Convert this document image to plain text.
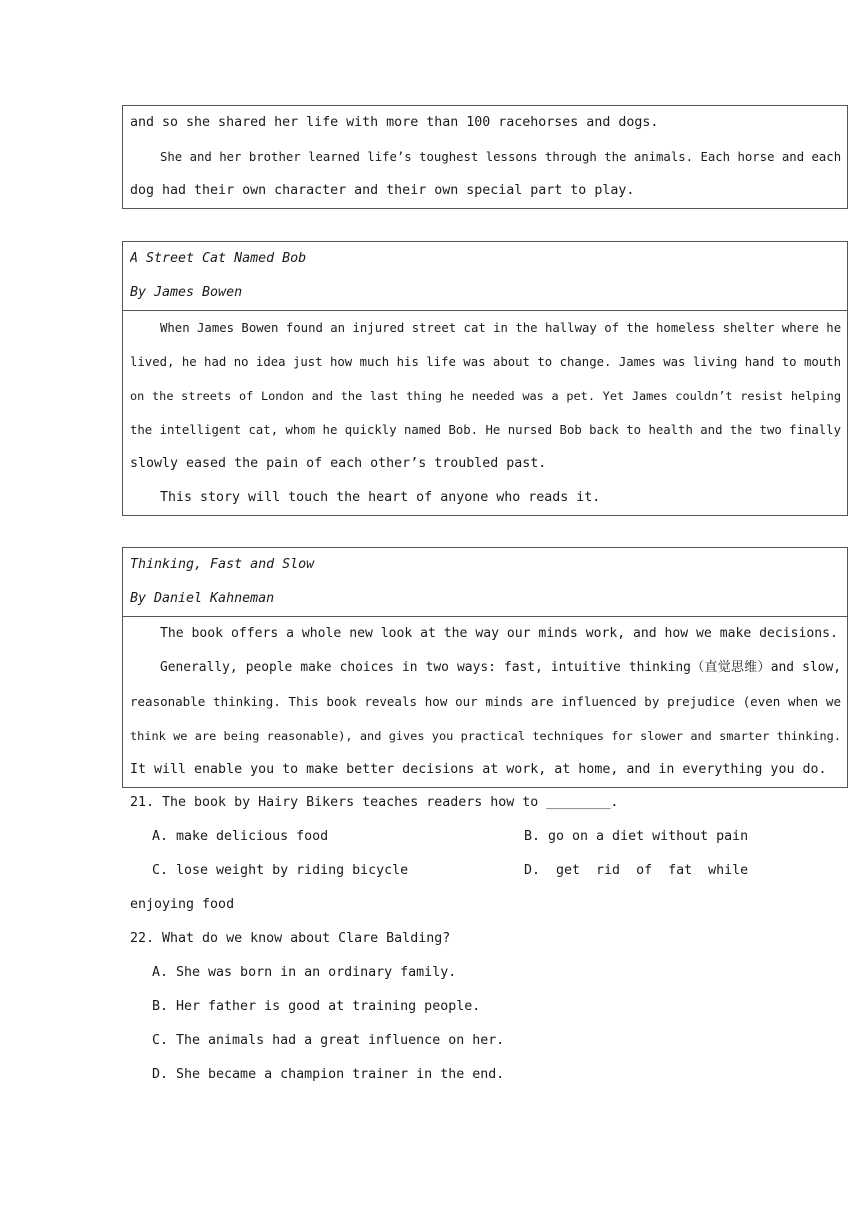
and so she shared her life with more than 100 racehorses and dogs.
She and her brother learned life’s toughest lessons through the animals. Each horse and each
dog had their own character and their own special part to play.
A Street Cat Named Bob
By James Bowen
When James Bowen found an injured street cat in the hallway of the homeless shelter where he
lived, he had no idea just how much his life was about to change. James was living hand to mouth
on the streets of London and the last thing he needed was a pet. Yet James couldn’t resist helping
the intelligent cat, whom he quickly named Bob. He nursed Bob back to health and the two finally
slowly eased the pain of each other’s troubled past.
This story will touch the heart of anyone who reads it.
Thinking, Fast and Slow
By Daniel Kahneman
The book offers a whole new look at the way our minds work, and how we make decisions.
Generally, people make choices in two ways: fast, intuitive thinking（直觉思维）and slow,
reasonable thinking. This book reveals how our minds are influenced by prejudice (even when we
think we are being reasonable), and gives you practical techniques for slower and smarter thinking.
It will enable you to make better decisions at work, at home, and in everything you do.
21. The book by Hairy Bikers teaches readers how to ________.
A. make delicious food	B. go on a diet without pain
C. lose weight by riding bicycle	D.  get  rid  of  fat  while
enjoying food
22. What do we know about Clare Balding?
A. She was born in an ordinary family.
B. Her father is good at training people.
C. The animals had a great influence on her.
D. She became a champion trainer in the end.
